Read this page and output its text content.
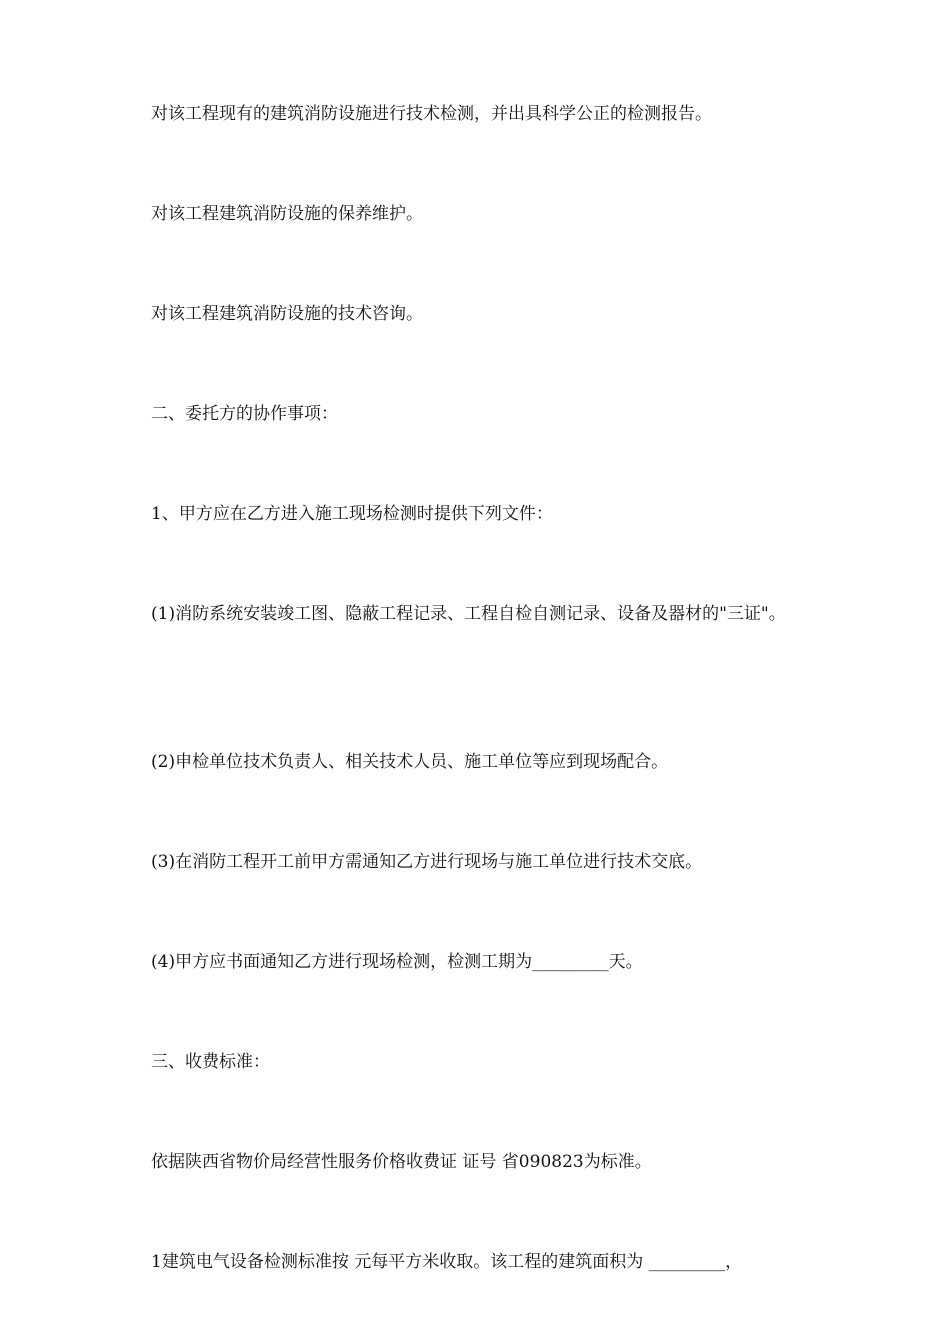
对该工程现有的建筑消防设施进行技术检测，并出具科学公正的检测报告。
对该工程建筑消防设施的保养维护。
对该工程建筑消防设施的技术咨询。
二、委托方的协作事项：
1、甲方应在乙方进入施工现场检测时提供下列文件：
(1)消防系统安装竣工图、隐蔽工程记录、工程自检自测记录、设备及器材的"三证"。
(2)申检单位技术负责人、相关技术人员、施工单位等应到现场配合。
(3)在消防工程开工前甲方需通知乙方进行现场与施工单位进行技术交底。
(4)甲方应书面通知乙方进行现场检测，检测工期为_________天。
三、收费标准：
依据陕西省物价局经营性服务价格收费证 证号 省090823为标准。
1建筑电气设备检测标准按 元每平方米收取。该工程的建筑面积为 _________，
